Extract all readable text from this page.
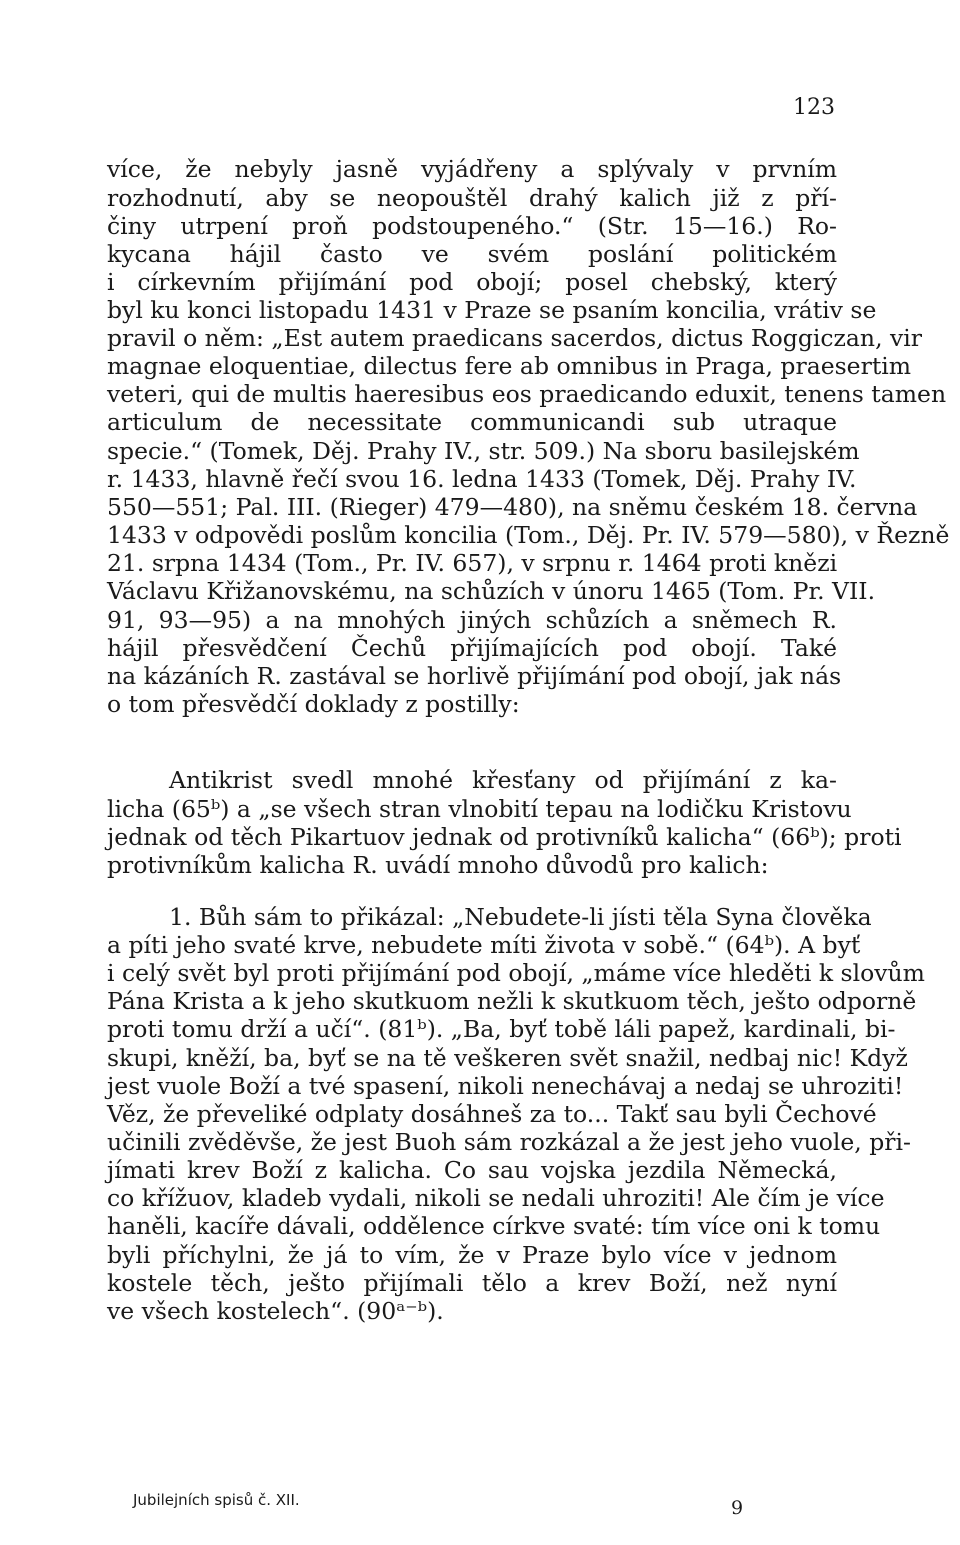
123
více, že nebyly jasně vyjádřeny a splývaly v prvním
rozhodnutí, aby se neopouštěl drahý kalich již z pří-
činy utrpení proň podstoupeného.“ (Str. 15—16.) Ro-
kycana hájil často ve svém poslání politickém
i církevním přijímání pod obojí; posel chebský, který
byl ku konci listopadu 1431 v Praze se psaním koncilia, vrátiv se
pravil o něm: „Est autem praedicans sacerdos, dictus Roggiczan, vir
magnae eloquentiae, dilectus fere ab omnibus in Praga, praesertim
veteri, qui de multis haeresibus eos praedicando eduxit, tenens tamen
articulum de necessitate communicandi sub utraque
specie.“ (Tomek, Děj. Prahy IV., str. 509.) Na sboru basilejském
r. 1433, hlavně řečí svou 16. ledna 1433 (Tomek, Děj. Prahy IV.
550—551; Pal. III. (Rieger) 479—480), na sněmu českém 18. června
1433 v odpovědi poslům koncilia (Tom., Děj. Pr. IV. 579—580), v Řezně
21. srpna 1434 (Tom., Pr. IV. 657), v srpnu r. 1464 proti knězi
Václavu Křižanovskému, na schůzích v únoru 1465 (Tom. Pr. VII.
91, 93—95) a na mnohých jiných schůzích a sněmech R.
hájil přesvědčení Čechů přijímajících pod obojí. Také
na kázáních R. zastával se horlivě přijímání pod obojí, jak nás
o tom přesvědčí doklady z postilly:
Antikrist svedl mnohé křesťany od přijímání z ka-
licha (65ᵇ) a „se všech stran vlnobití tepau na lodičku Kristovu
jednak od těch Pikartuov jednak od protivníků kalicha“ (66ᵇ); proti
protivníkům kalicha R. uvádí mnoho důvodů pro kalich:
1. Bůh sám to přikázal: „Nebudete-li jísti těla Syna člověka
a píti jeho svaté krve, nebudete míti života v sobě.“ (64ᵇ). A byť
i celý svět byl proti přijímání pod obojí, „máme více hleděti k slovům
Pána Krista a k jeho skutkuom nežli k skutkuom těch, ješto odporně
proti tomu drží a učí“. (81ᵇ). „Ba, byť tobě láli papež, kardinali, bi-
skupi, kněží, ba, byť se na tě veškeren svět snažil, nedbaj nic! Když
jest vuole Boží a tvé spasení, nikoli nenechávaj a nedaj se uhroziti!
Věz, že převeliké odplaty dosáhneš za to... Takť sau byli Čechové
učinili zvěděvše, že jest Buoh sám rozkázal a že jest jeho vuole, při-
jímati krev Boží z kalicha. Co sau vojska jezdila Německá,
co křížuov, kladeb vydali, nikoli se nedali uhroziti! Ale čím je více
haněli, kacíře dávali, oddělence církve svaté: tím více oni k tomu
byli příchylni, že já to vím, že v Praze bylo více v jednom
kostele těch, ješto přijímali tělo a krev Boží, než nyní
ve všech kostelech“. (90ᵃ⁻ᵇ).
Jubilejních spisů č. XII.	9
